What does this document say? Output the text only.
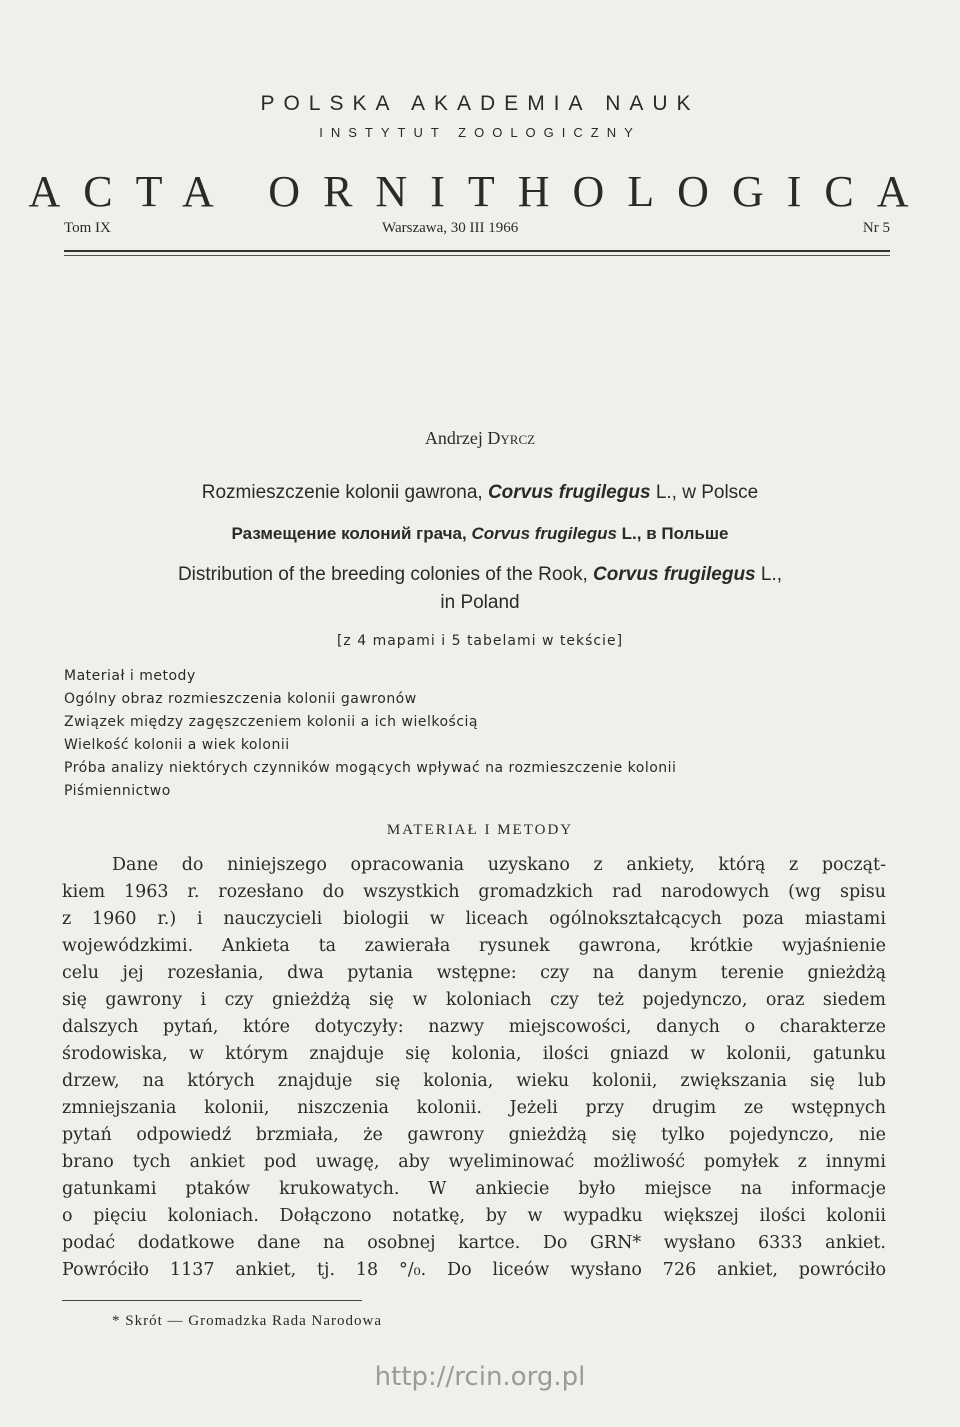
POLSKA AKADEMIA NAUK
INSTYTUT ZOOLOGICZNY
ACTA ORNITHOLOGICA
Tom IX	Warszawa, 30 III 1966	Nr 5
Andrzej Dyrcz
Rozmieszczenie kolonii gawrona, Corvus frugilegus L., w Polsce
Размещение колоний грача, Corvus frugilegus L., в Польше
Distribution of the breeding colonies of the Rook, Corvus frugilegus L.,
in Poland
[z 4 mapami i 5 tabelami w tekście]
Materiał i metody
Ogólny obraz rozmieszczenia kolonii gawronów
Związek między zagęszczeniem kolonii a ich wielkością
Wielkość kolonii a wiek kolonii
Próba analizy niektórych czynników mogących wpływać na rozmieszczenie kolonii
Piśmiennictwo
MATERIAŁ I METODY
Dane do niniejszego opracowania uzyskano z ankiety, którą z począt-
kiem 1963 r. rozesłano do wszystkich gromadzkich rad narodowych (wg spisu
z 1960 r.) i nauczycieli biologii w liceach ogólnokształcących poza miastami
wojewódzkimi. Ankieta ta zawierała rysunek gawrona, krótkie wyjaśnienie
celu jej rozesłania, dwa pytania wstępne: czy na danym terenie gnieżdżą
się gawrony i czy gnieżdżą się w koloniach czy też pojedynczo, oraz siedem
dalszych pytań, które dotyczyły: nazwy miejscowości, danych o charakterze
środowiska, w którym znajduje się kolonia, ilości gniazd w kolonii, gatunku
drzew, na których znajduje się kolonia, wieku kolonii, zwiększania się lub
zmniejszania kolonii, niszczenia kolonii. Jeżeli przy drugim ze wstępnych
pytań odpowiedź brzmiała, że gawrony gnieżdżą się tylko pojedynczo, nie
brano tych ankiet pod uwagę, aby wyeliminować możliwość pomyłek z innymi
gatunkami ptaków krukowatych. W ankiecie było miejsce na informacje
o pięciu koloniach. Dołączono notatkę, by w wypadku większej ilości kolonii
podać dodatkowe dane na osobnej kartce. Do GRN* wysłano 6333 ankiet.
Powróciło 1137 ankiet, tj. 18 °/₀. Do liceów wysłano 726 ankiet, powróciło
* Skrót — Gromadzka Rada Narodowa
http://rcin.org.pl
